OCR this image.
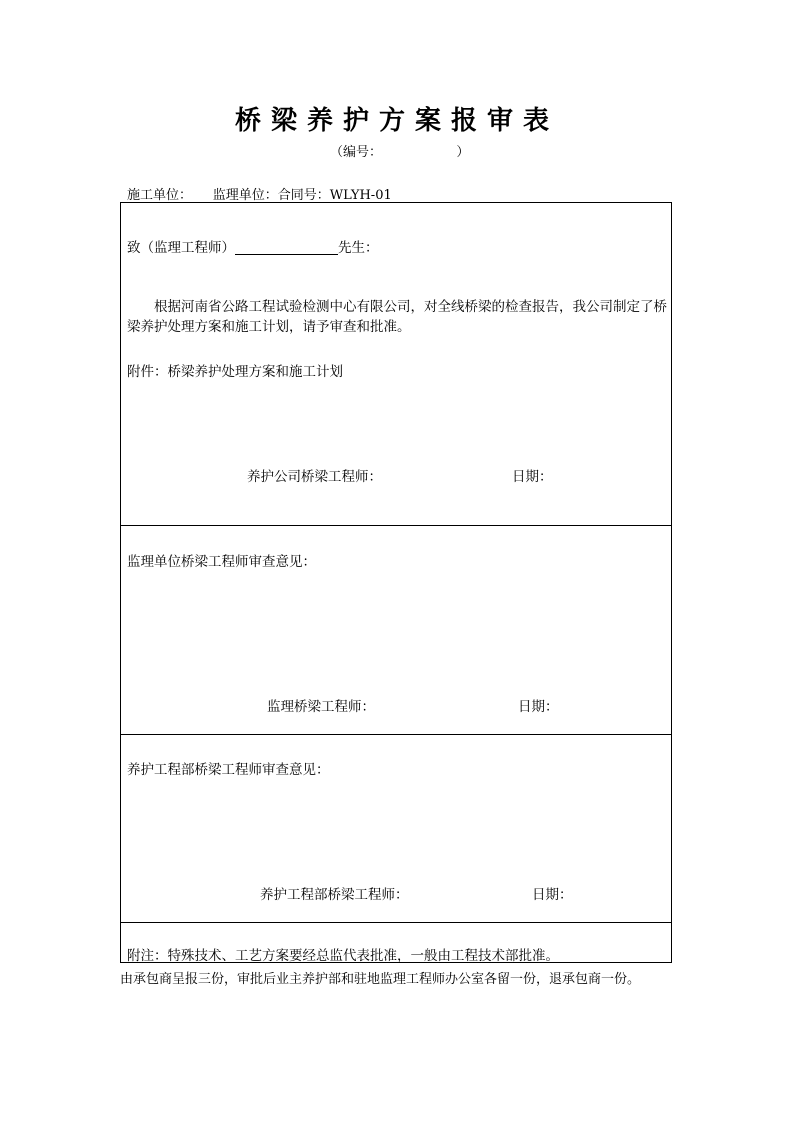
桥梁养护方案报审表
（编号：	）
施工单位： 监理单位：合同号：WLYH-01

致（监理工程师）	先生：

根据河南省公路工程试验检测中心有限公司，对全线桥梁的检查报告，我公司制定了桥梁养护处理方案和施工计划，请予审查和批准。

附件：桥梁养护处理方案和施工计划

养护公司桥梁工程师：	日期：

监理单位桥梁工程师审查意见：

监理桥梁工程师：	日期：

养护工程部桥梁工程师审查意见：

养护工程部桥梁工程师：	日期：

附注：特殊技术、工艺方案要经总监代表批准，一般由工程技术部批准。

由承包商呈报三份，审批后业主养护部和驻地监理工程师办公室各留一份，退承包商一份。
